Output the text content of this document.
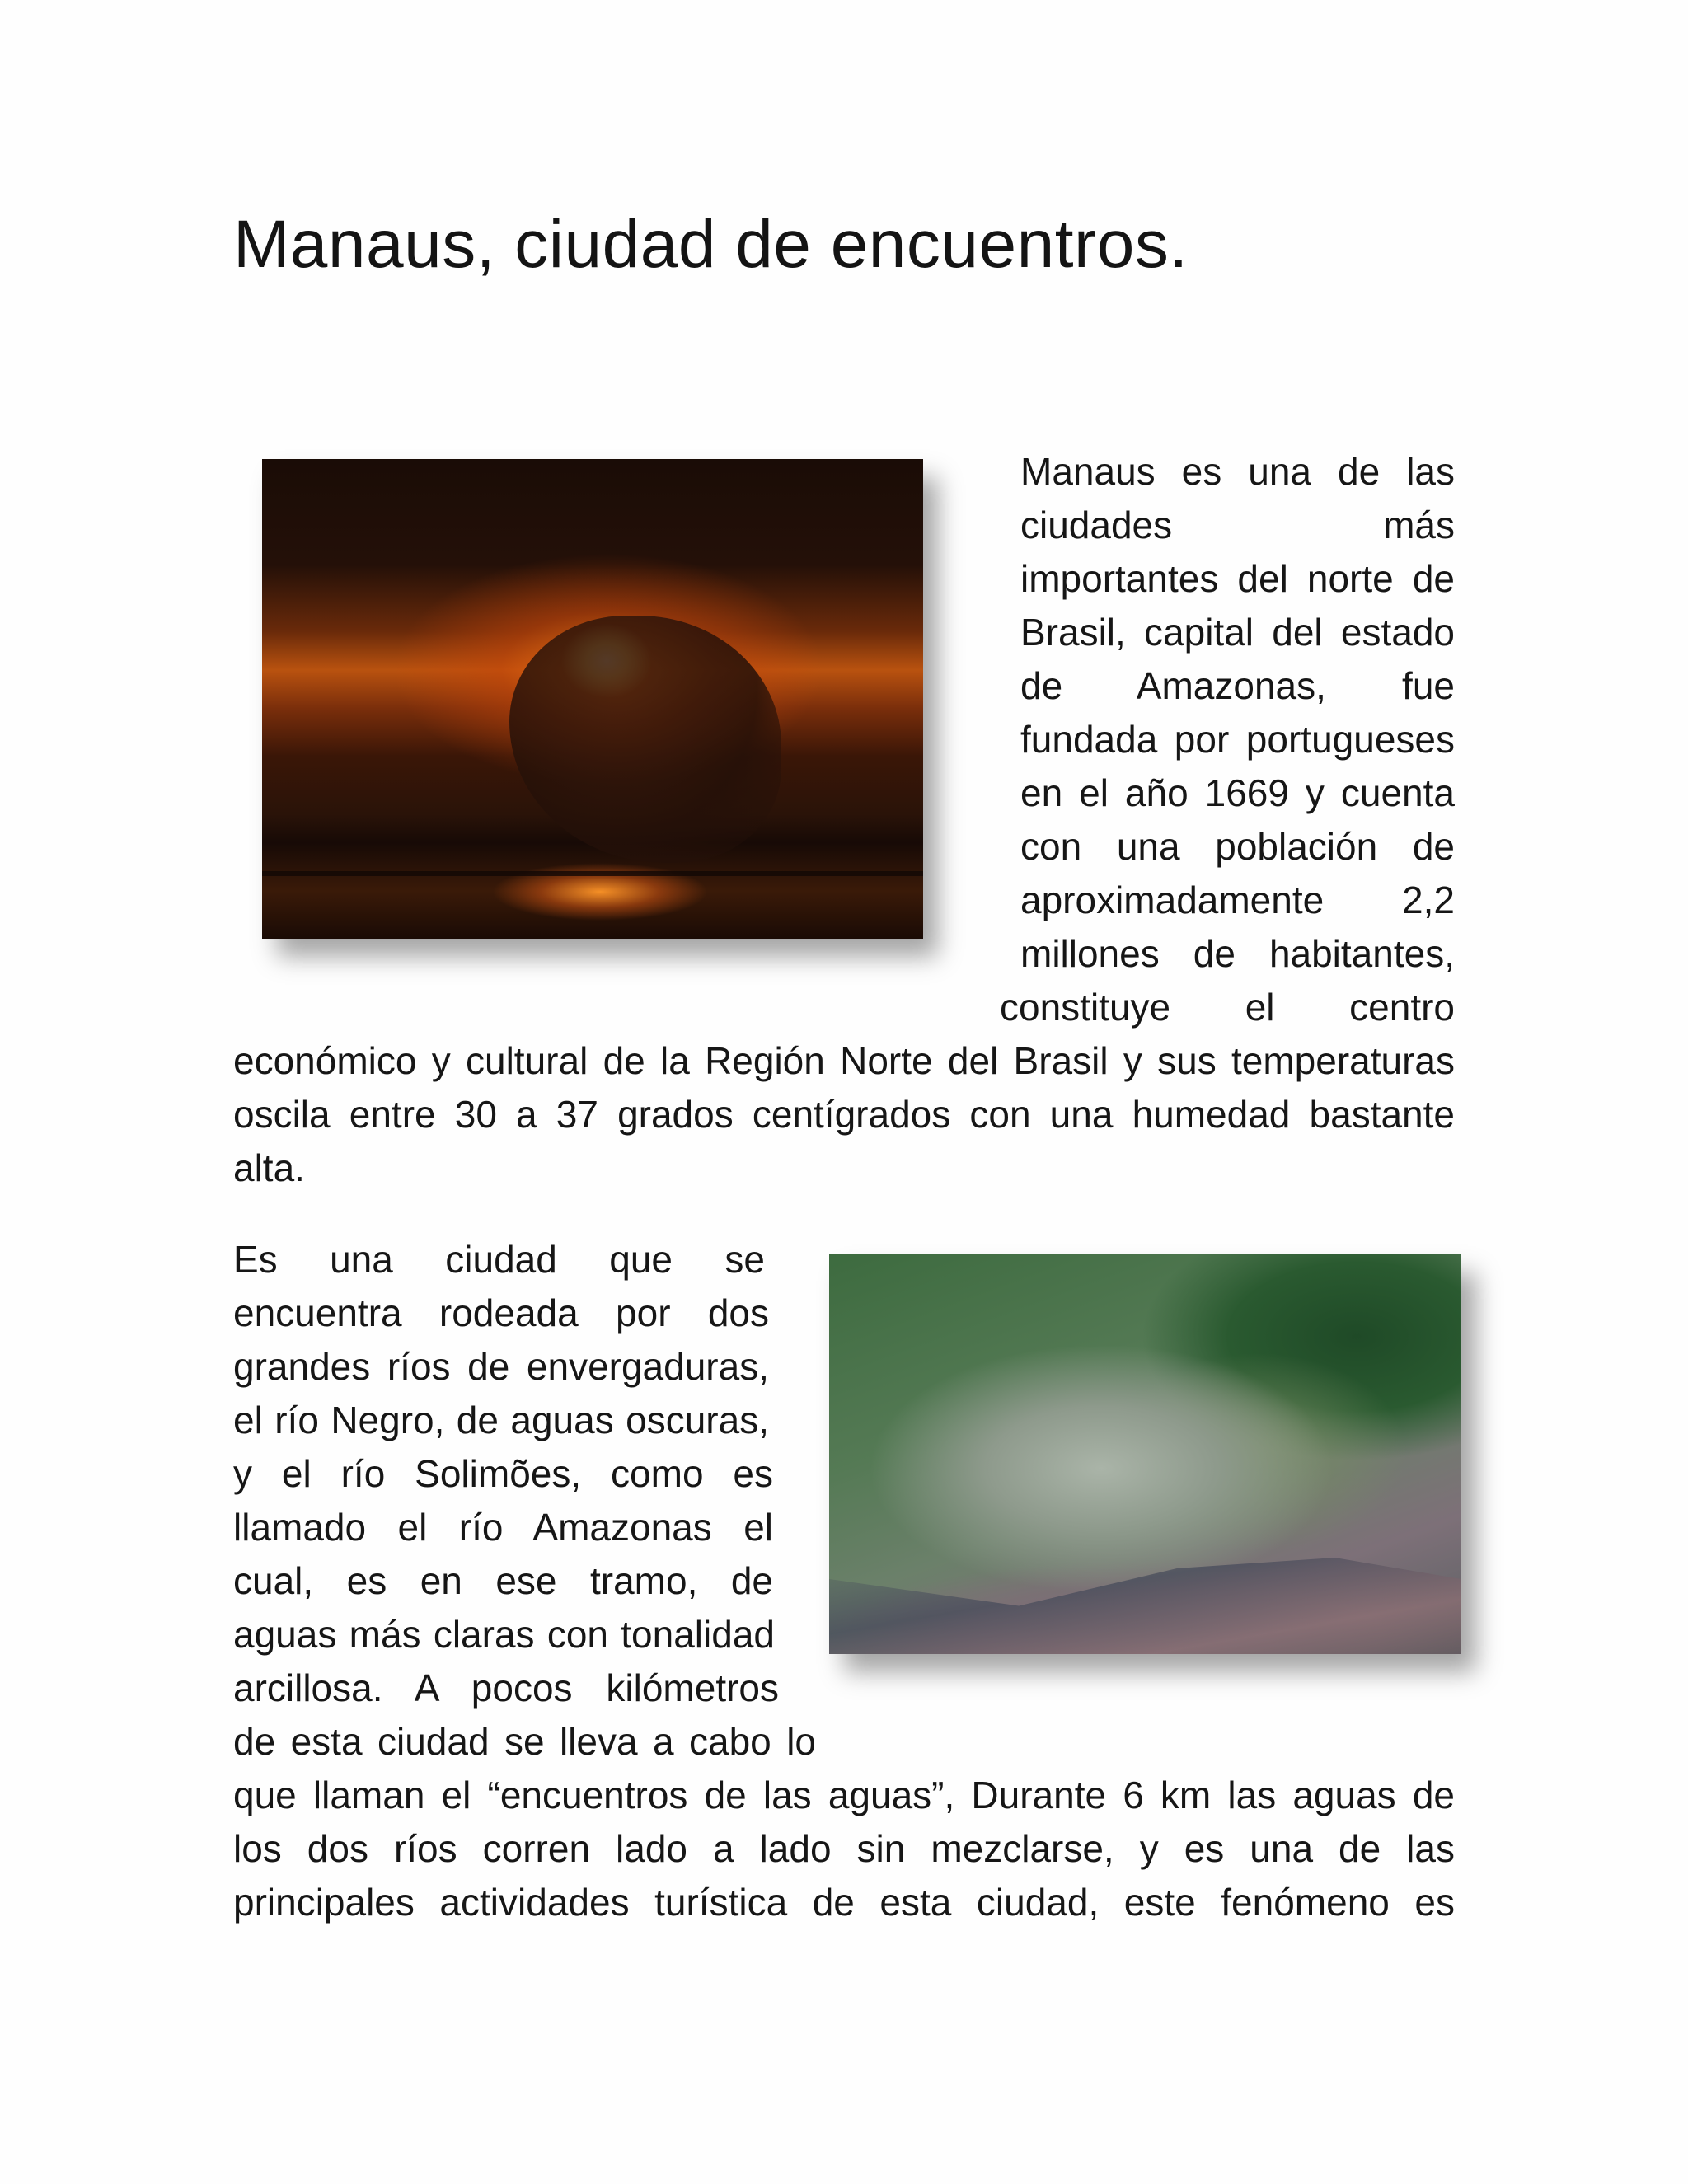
Manaus, ciudad de encuentros.
Manaus es una de las
ciudades más
importantes del norte de
Brasil, capital del estado
de Amazonas, fue
fundada por portugueses
en el año 1669 y cuenta
con una población de
aproximadamente 2,2
millones de habitantes,
constituye el centro
económico y cultural de la Región Norte del Brasil y sus temperaturas
oscila entre 30 a 37 grados centígrados con una humedad bastante
alta.
Es una ciudad que se
encuentra rodeada por dos
grandes ríos de envergaduras,
el río Negro, de aguas oscuras,
y el río Solimões, como es
llamado el río Amazonas el
cual, es en ese tramo, de
aguas más claras con tonalidad
arcillosa. A pocos kilómetros
de esta ciudad se lleva a cabo lo
que llaman el “encuentros de las aguas”, Durante 6 km las aguas de
los dos ríos corren lado a lado sin mezclarse, y es una de las
principales actividades turística de esta ciudad, este fenómeno es
